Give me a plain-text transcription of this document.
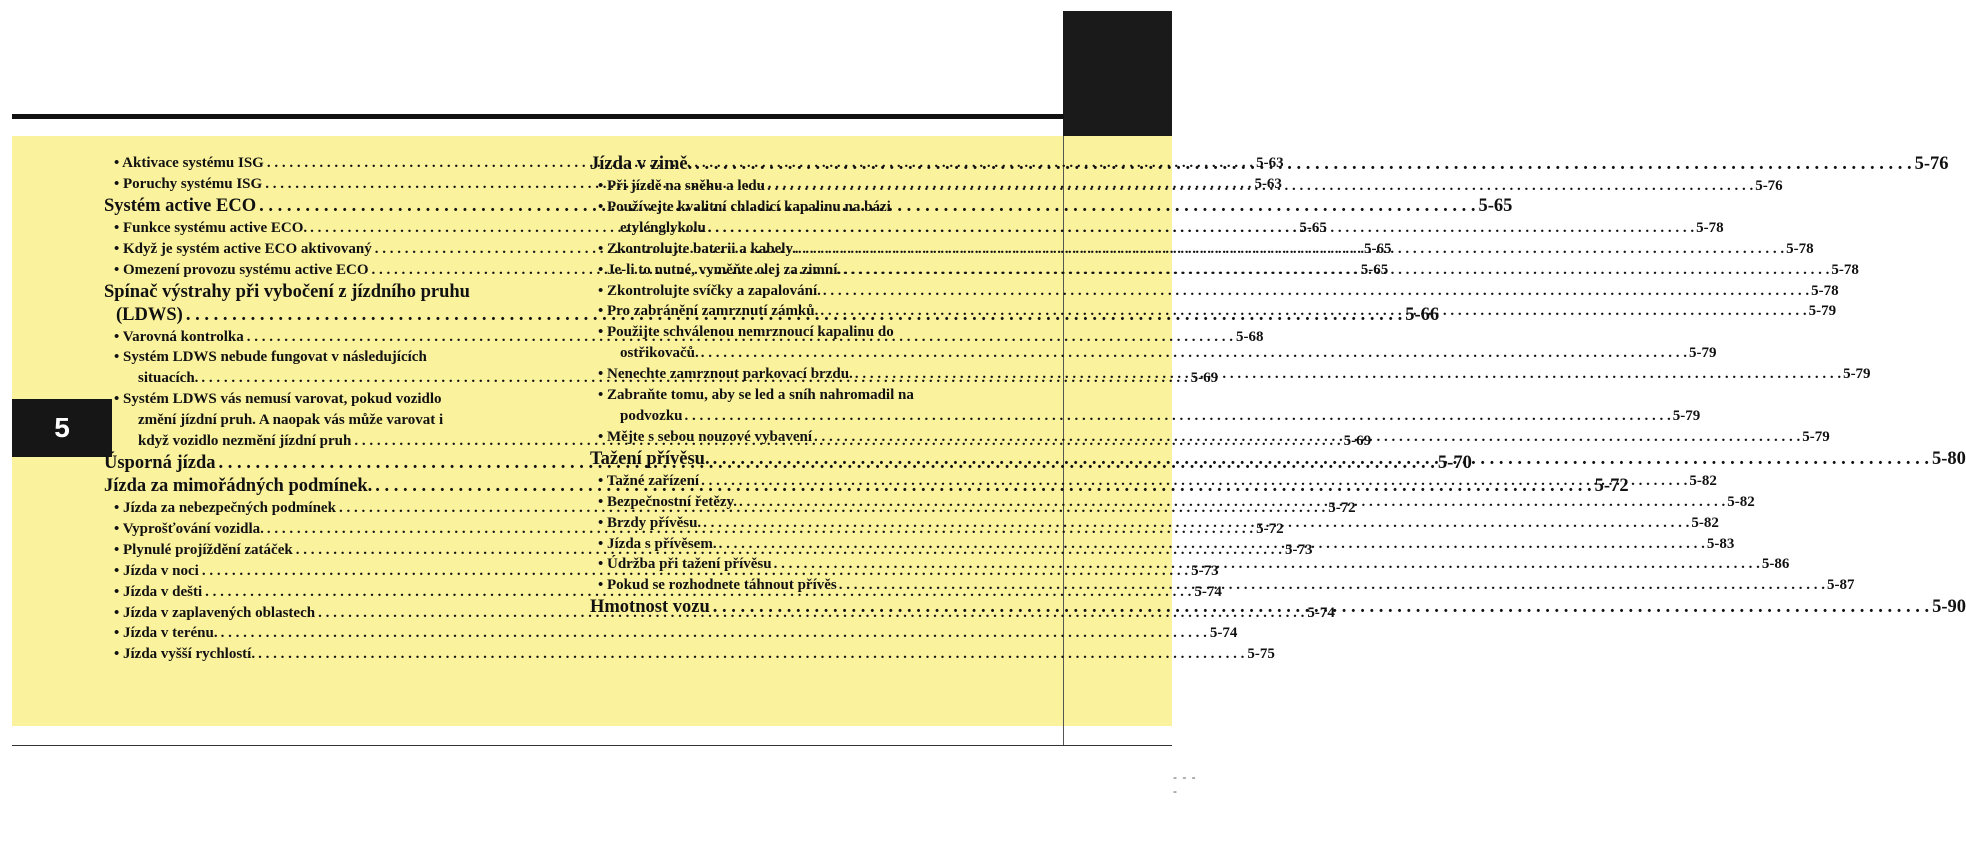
5
- - - -
• Aktivace systému ISG . . .	5-63
• Poruchy systému ISG . . .	5-63
Systém active ECO . . .	5-65
• Funkce systému active ECO. . . .	5-65
• Když je systém active ECO aktivovaný . . .	5-65
• Omezení provozu systému active ECO . . .	5-65
Spínač výstrahy při vybočení z jízdního pruhu
(LDWS) . . .	5-66
• Varovná kontrolka . . .	5-68
• Systém LDWS nebude fungovat v následujících
situacích. . . .	5-69
• Systém LDWS vás nemusí varovat, pokud vozidlo
změní jízdní pruh. A naopak vás může varovat i
když vozidlo nezmění jízdní pruh . . .	5-69
Úsporná jízda . . .	5-70
Jízda za mimořádných podmínek. . . .	5-72
• Jízda za nebezpečných podmínek . . .	5-72
• Vyprošťování vozidla. . . .	5-72
• Plynulé projíždění zatáček . . .	5-73
• Jízda v noci . . .	5-73
• Jízda v dešti . . .	5-74
• Jízda v zaplavených oblastech . . .	5-74
• Jízda v terénu. . . .	5-74
• Jízda vyšší rychlostí. . . .	5-75
Jízda v zimě. . . .	5-76
• Při jízdě na sněhu a ledu . . .	5-76
• Používejte kvalitní chladicí kapalinu na bázi
etylénglykolu . . .	5-78
• Zkontrolujte baterii a kabely. . . .	5-78
• Je-li to nutné, vyměňte olej za zimní. . . .	5-78
• Zkontrolujte svíčky a zapalování. . . .	5-78
• Pro zabránění zamrznutí zámků. . . .	5-79
• Použijte schválenou nemrznoucí kapalinu do
ostřikovačů. . . .	5-79
• Nenechte zamrznout parkovací brzdu. . . .	5-79
• Zabraňte tomu, aby se led a sníh nahromadil na
podvozku . . .	5-79
• Mějte s sebou nouzové vybavení . . .	5-79
Tažení přívěsu. . . .	5-80
• Tažné zařízení . . .	5-82
• Bezpečnostní řetězy. . . .	5-82
• Brzdy přívěsu. . . .	5-82
• Jízda s přívěsem. . . .	5-83
• Údržba při tažení přívěsu . . .	5-86
• Pokud se rozhodnete táhnout přívěs . . .	5-87
Hmotnost vozu . . .	5-90
